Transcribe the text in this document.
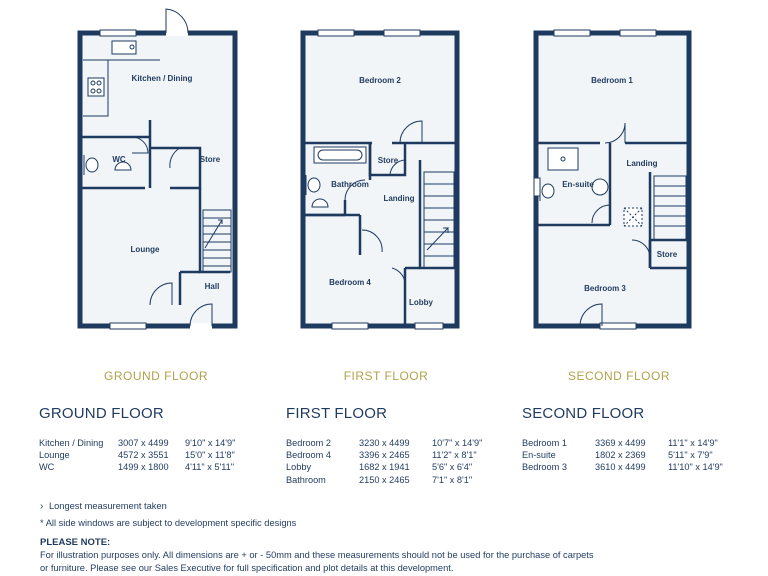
Kitchen / Dining
WC	Store
Lounge
Hall
Bedroom 2
Store
Bathroom
Landing
Bedroom 4
Lobby
Bedroom 1
En-suite
Landing
Store
Bedroom 3
GROUND FLOOR	FIRST FLOOR	SECOND FLOOR
GROUND FLOOR
Kitchen / Dining	3007 x 4499	9'10" x 14'9"
Lounge	4572 x 3551	15'0" x 11'8"
WC	1499 x 1800	4'11" x 5'11"
FIRST FLOOR
Bedroom 2	3230 x 4499	10'7" x 14'9"
Bedroom 4	3396 x 2465	11'2" x 8'1"
Lobby	1682 x 1941	5'6" x 6'4"
Bathroom	2150 x 2465	7'1" x 8'1"
SECOND FLOOR
Bedroom 1	3369 x 4499	11'1" x 14'9"
En-suite	1802 x 2369	5'11" x 7'9"
Bedroom 3	3610 x 4499	11'10" x 14'9"
› Longest measurement taken
* All side windows are subject to development specific designs
PLEASE NOTE:
For illustration purposes only. All dimensions are + or - 50mm and these measurements should not be used for the purchase of carpets or furniture. Please see our Sales Executive for full specification and plot details at this development.
